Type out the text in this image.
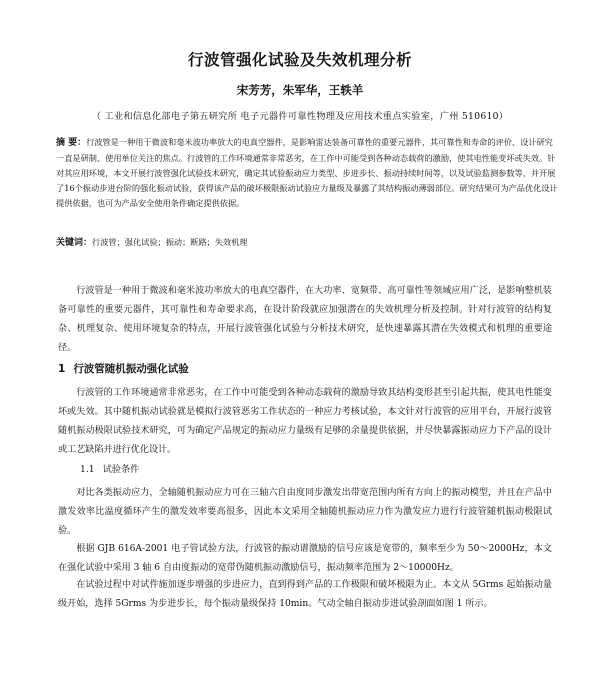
行波管强化试验及失效机理分析
宋芳芳，朱军华，王轶羊
（ 工业和信息化部电子第五研究所 电子元器件可靠性物理及应用技术重点实验室，广州 510610）
摘 要：行波管是一种用于微波和毫米波功率放大的电真空器件，是影响雷达装备可靠性的重要元器件，其可靠性和寿命的评价、设计研究一直是研制、使用单位关注的焦点。行波管的工作环境通常非常恶劣，在工作中可能受到各种动态载荷的激励，使其电性能变坏或失效。针对其应用环境，本文开展行波管强化试验技术研究，确定其试验振动应力类型、步进步长、振动持续时间等，以及试验监测参数等，并开展了16个振动步进台阶的强化振动试验，获得该产品的破坏极限振动试验应力量级及暴露了其结构振动薄弱部位。研究结果可为产品优化设计提供依据，也可为产品安全使用条件确定提供依据。
关键词：行波管；强化试验；振动；断路；失效机理
行波管是一种用于微波和毫米波功率放大的电真空器件，在大功率、宽频带、高可靠性等领域应用广泛，是影响整机装备可靠性的重要元器件，其可靠性和寿命要求高，在设计阶段就应加强潜在的失效机理分析及控制。针对行波管的结构复杂、机理复杂、使用环境复杂的特点，开展行波管强化试验与分析技术研究，是快速暴露其潜在失效模式和机理的重要途径。
1 行波管随机振动强化试验
行波管的工作环境通常非常恶劣，在工作中可能受到各种动态载荷的激励导致其结构变形甚至引起共振，使其电性能变坏或失效。其中随机振动试验就是模拟行波管恶劣工作状态的一种应力考核试验，本文针对行波管的应用平台，开展行波管随机振动极限试验技术研究，可为确定产品规定的振动应力量级有足够的余量提供依据，并尽快暴露振动应力下产品的设计或工艺缺陷并进行优化设计。
1.1 试验条件
对比各类振动应力，全轴随机振动应力可在三轴六自由度同步激发出带宽范围内所有方向上的振动模型，并且在产品中激发效率比温度循环产生的激发效率要高很多，因此本文采用全轴随机振动应力作为激发应力进行行波管随机振动极限试验。
根据 GJB 616A-2001 电子管试验方法，行波管的振动谱激励的信号应该是宽带的，频率至少为 50～2000Hz，本文在强化试验中采用 3 轴 6 自由度振动的宽带伪随机振动激励信号，振动频率范围为 2～10000Hz。
在试验过程中对试件施加逐步增强的步进应力，直到得到产品的工作极限和破坏极限为止。本文从 5Grms 起始振动量级开始，选择 5Grms 为步进步长，每个振动量级保持 10min。气动全轴自振动步进试验剖面如图 1 所示。
